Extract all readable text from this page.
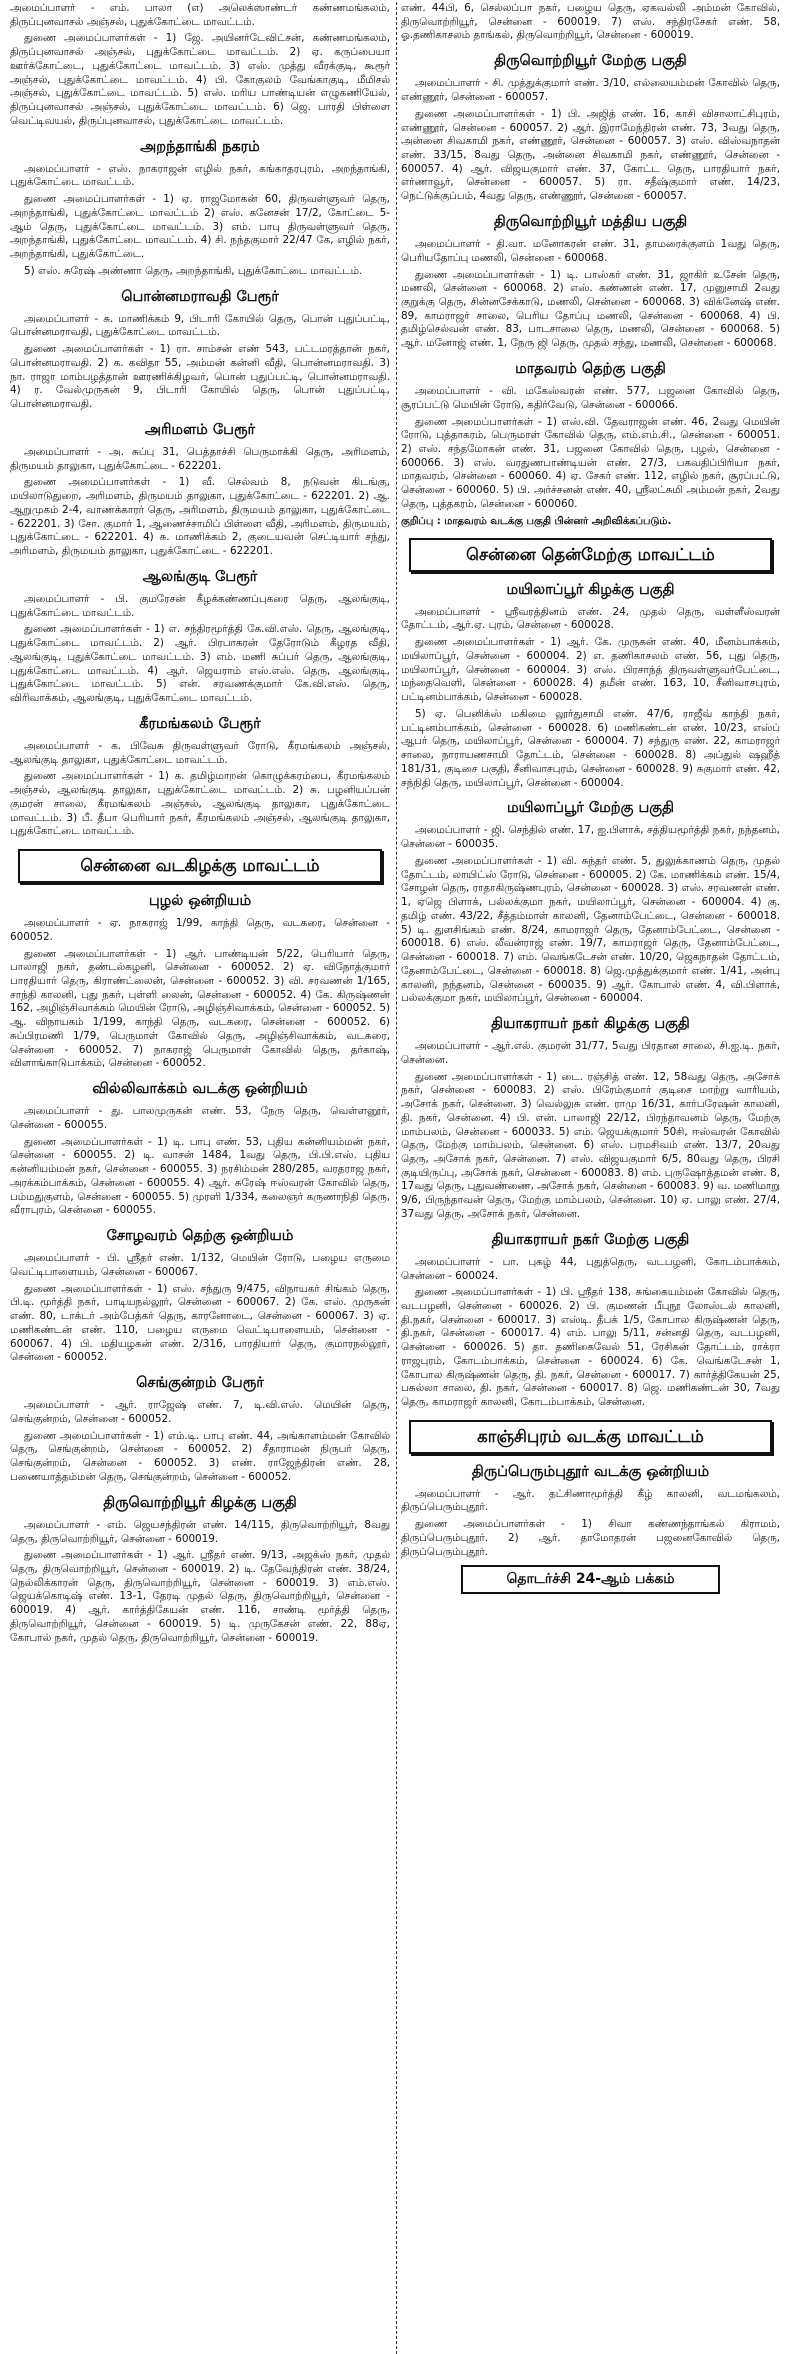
அமைப்பாளர் - எம். பாலா (எ) அலெக்ஸாண்டர் கண்ணமங்கலம், திருப்புனவாசல் அஞ்சல், புதுக்கோட்டை மாவட்டம்.

துணை அமைப்பாளர்கள் - 1) ஜே. அயினர்டேவிட்சன், கண்ணமங்கலம், திருப்புனவாசல் அஞ்சல், புதுக்கோட்டை மாவட்டம். 2) ஏ. கருப்பையா ஊர்க்கோட்டை, புதுக்கோட்டை மாவட்டம். 3) எஸ். முத்து வீரக்குடி, கூரூர் அஞ்சல், புதுக்கோட்டை மாவட்டம். 4) பி. கோகுலம் வேங்காகுடி, மீமிசல் அஞ்சல், புதுக்கோட்டை மாவட்டம். 5) எஸ். மரிய பாண்டியன் எழுகணியேல், திருப்புனவாசல் அஞ்சல், புதுக்கோட்டை மாவட்டம். 6) ஜெ. பாரதி பிள்ளை வெட்டிவயல், திருப்புனவாசல், புதுக்கோட்டை மாவட்டம்.

அறந்தாங்கி நகரம்

அமைப்பாளர் - எஸ். நாகராஜன் எழில் நகர், கங்காதரபுரம், அறந்தாங்கி, புதுக்கோட்டை மாவட்டம்.

துணை அமைப்பாளர்கள் - 1) ஏ. ராஜமோகன் 60, திருவள்ளுவர் தெரு, அறந்தாங்கி, புதுக்கோட்டை மாவட்டம் 2) எஸ். கனேசன் 17/2, கோட்டை 5-ஆம் தெரு, புதுக்கோட்டை மாவட்டம். 3) எம். பாபு திருவள்ளுவர் தெரு, அறந்தாங்கி, புதுக்கோட்டை மாவட்டம். 4) சி. நந்தகுமார் 22/47 கே, எழில் நகர், அறந்தாங்கி, புதுக்கோட்டை.

5) எஸ். சுரேஷ் அண்ணா தெரு, அறந்தாங்கி, புதுக்கோட்டை மாவட்டம்.

பொன்னமராவதி பேரூர்

அமைப்பாளர் - சு. மாணிக்கம் 9, பிடாரி கோயில் தெரு, பொன் புதுப்பட்டி, பொன்னமராவதி, புதுக்கோட்டை மாவட்டம்.

துணை அமைப்பாளர்கள் - 1) ரா. சாம்சன் எண் 543, பட்டமரத்தான் நகர், பொன்னமராவதி. 2) க. கவிதா 55, அம்மன் கன்னி வீதி, பொன்னமராவதி. 3) நா. ராஜா மாம்பழத்தான் ஊரணிக்கிழவர், பொன் புதுப்பட்டி, பொன்னமராவதி. 4) ர. வேல்முருகன் 9, பிடாரி கோயில் தெரு, பொன் புதுப்பட்டி, பொன்னமராவதி.

அரிமளம் பேரூர்

அமைப்பாளர் - அ. சுப்பு 31, பெத்தாச்சி பெருமாக்கி தெரு, அரிமளம், திருமயம் தாலுகா, புதுக்கோட்டை - 622201.

துணை அமைப்பாளர்கள் - 1) வீ. செல்வம் 8, நடுவன் கிடங்கு, மயிலாடுதுறை, அரிமளம், திருமயம் தாலுகா, புதுக்கோட்டை - 622201. 2) ஆ. ஆறுமுகம் 2-4, வாணக்காரர் தெரு, அரிமளம், திருமயம் தாலுகா, புதுக்கோட்டை - 622201. 3) சோ. குமார் 1, ஆணைச்சாமிப் பிள்ளை வீதி, அரிமளம், திருமயம், புதுக்கோட்டை - 622201. 4) சு. மாணிக்கம் 2, குடையவன் செட்டியார் சந்து, அரிமளம், திருமயம் தாலுகா, புதுக்கோட்டை - 622201.

ஆலங்குடி பேரூர்

அமைப்பாளர் - பி. குமரேசன் கீழக்கண்ணப்புகரை தெரு, ஆலங்குடி, புதுக்கோட்டை மாவட்டம்.

துணை அமைப்பாளர்கள் - 1) எ. சந்திரமூர்த்தி கே.வி.எஸ். தெரு, ஆலங்குடி, புதுக்கோட்டை மாவட்டம். 2) ஆர். பிரபாகரன் தேரோடும் கீழரத வீதி, ஆலங்குடி, புதுக்கோட்டை மாவட்டம். 3) எம். மணி சுப்பர் தெரு, ஆலங்குடி, புதுக்கோட்டை மாவட்டம். 4) ஆர். ஜெயராம் எஸ்.எஸ். தெரு, ஆலங்குடி, புதுக்கோட்டை மாவட்டம். 5) என். சரவணக்குமார் கே.வி.எஸ். தெரு, விரிவாக்கம், ஆலங்குடி, புதுக்கோட்டை மாவட்டம்.

கீரமங்கலம் பேரூர்

அமைப்பாளர் - க. பிவேசு திருவள்ளுவர் ரோடு, கீரமங்கலம் அஞ்சல், ஆலங்குடி தாலுகா, புதுக்கோட்டை மாவட்டம்.

துணை அமைப்பாளர்கள் - 1) க. தமிழ்மாறன் கொழுக்கரம்பை, கீரமங்கலம் அஞ்சல், ஆலங்குடி தாலுகா, புதுக்கோட்டை மாவட்டம். 2) சு. பழனியப்பன் குமரன் சாலை, கீரமங்கலம் அஞ்சல், ஆலங்குடி தாலுகா, புதுக்கோட்டை மாவட்டம். 3) பீ. தீபா பெரியார் நகர், கீரமங்கலம் அஞ்சல், ஆலங்குடி தாலுகா, புதுக்கோட்டை மாவட்டம்.

சென்னை வடகிழக்கு மாவட்டம்
புழல் ஒன்றியம்

அமைப்பாளர் - ஏ. நாகராஜ் 1/99, காந்தி தெரு, வடகரை, சென்னை - 600052.

துணை அமைப்பாளர்கள் - 1) ஆர். பாண்டியன் 5/22, பெரியார் தெரு, பாலாஜி நகர், தண்டல்கழனி, சென்னை - 600052. 2) ஏ. விநோத்குமார் பாரதியார் தெரு, கிராண்ட்லைன், சென்னை - 600052. 3) வி. சரவணன் 1/165, சாந்தி காலனி, புது நகர், புள்ளி லைன், சென்னை - 600052. 4) கே. கிருஷ்ணன் 162, அழிஞ்சிவாக்கம் மெயின் ரோடு, அழிஞ்சிவாக்கம், சென்னை - 600052. 5) ஆ. விநாயகம் 1/199, காந்தி தெரு, வடகரை, சென்னை - 600052. 6) சுப்பிரமணி 1/79, பெருமாள் கோவில் தெரு, அழிஞ்சிவாக்கம், வடகரை, சென்னை - 600052. 7) நாகராஜ் பெருமாள் கோவில் தெரு, தர்காஷ், விளாங்காடுபாக்கம், சென்னை - 600052.

வில்லிவாக்கம் வடக்கு ஒன்றியம்

அமைப்பாளர் - து. பாலமுருகன் எண். 53, நேரு தெரு, வெள்ளனூர், சென்னை - 600055.

துணை அமைப்பாளர்கள் - 1) டி. பாபு எண். 53, புதிய கன்னியம்மன் நகர், சென்னை - 600055. 2) டி. வாசன் 1484, 1வது தெரு, பி.பி.எஸ். புதிய கன்னியம்மன் நகர், சென்னை - 600055. 3) நரசிம்மன் 280/285, வரதராஜ நகர், அரக்கம்பாக்கம், சென்னை - 600055. 4) ஆர். சுரேஷ் ஈஸ்வரன் கோவில் தெரு, பம்மதுகுளம், சென்னை - 600055. 5) முரளி 1/334, கலைஞர் கருணாநிதி தெரு, வீராபுரம், சென்னை - 600055.

சோழவரம் தெற்கு ஒன்றியம்

அமைப்பாளர் - பி. ஸ்ரீதர் எண். 1/132, மெயின் ரோடு, பழைய எருமை வெட்டிபாளையம், சென்னை - 600067.

துணை அமைப்பாளர்கள் - 1) எஸ். சந்துரு 9/475, விநாயகர் சிங்கம் தெரு, பி.டி. மூர்த்தி நகர், பாடியநல்லூர், சென்னை - 600067. 2) கே. எஸ். முருகன் எண். 80, டாக்டர் அம்பேத்கர் தெரு, காரனோடை, சென்னை - 600067. 3) ஏ. மணிகண்டன் எண். 110, பழைய எருமை வெட்டிபாளையம், சென்னை - 600067. 4) பி. மதியழகன் எண். 2/316, பாரதியார் தெரு, குமாரநல்லூர், சென்னை - 600052.

செங்குன்றம் பேரூர்

அமைப்பாளர் - ஆர். ராஜேஷ் எண். 7, டி.வி.எஸ். மெயின் தெரு, செங்குன்றம், சென்னை - 600052.

துணை அமைப்பாளர்கள் - 1) எம்.டி. பாபு எண். 44, அங்காளம்மன் கோவில் தெரு, செங்குன்றம், சென்னை - 600052. 2) சீதாராமன் நிருபர் தெரு, செங்குன்றம், சென்னை - 600052. 3) எண். ராஜேந்திரன் எண். 28, பணையாத்தம்மன் தெரு, செங்குன்றம், சென்னை - 600052.

திருவொற்றியூர் கிழக்கு பகுதி

அமைப்பாளர் - எம். ஜெயசந்திரன் எண். 14/115, திருவொற்றியூர், 8வது தெரு, திருவொற்றியூர், சென்னை - 600019.

துணை அமைப்பாளர்கள் - 1) ஆர். ஸ்ரீதர் எண். 9/13, அஜக்ஸ் நகர், முதல் தெரு, திருவொற்றியூர், சென்னை - 600019. 2) டி. தேவேந்திரன் எண். 38/24, நெல்லிக்காரன் தெரு, திருவொற்றியூர், சென்னை - 600019. 3) எம்.எஸ். ஜெயக்கொடிஷ் எண். 13-1, தேரடி முதல் தெரு, திருவொற்றியூர், சென்னை - 600019. 4) ஆர். கார்த்திகேயன் எண். 116, சாண்டி மூர்த்தி தெரு, திருவொற்றியூர், சென்னை - 600019. 5) டி. முருகேசன் எண். 22, 88ஏ, கோபால் நகர், முதல் தெரு, திருவொற்றியூர், சென்னை - 600019.

எண். 44பி, 6, செல்லப்பா நகர், பழைய தெரு, ஏகவல்லி அம்மன் கோவில், திருவொற்றியூர், சென்னை - 600019. 7) எஸ். சந்திரசேகர் எண். 58, ஓ.தணிகாசலம் தாங்கல், திருவொற்றியூர், சென்னை - 600019.

திருவொற்றியூர் மேற்கு பகுதி

அமைப்பாளர் - சி. முத்துக்குமார் எண். 3/10, எல்லையம்மன் கோவில் தெரு, எண்ணூர், சென்னை - 600057.

துணை அமைப்பாளர்கள் - 1) பி. அஜித் எண். 16, காசி விசாலாட்சிபுரம், எண்ணூர், சென்னை - 600057. 2) ஆர். இராமேந்திரன் எண். 73, 3வது தெரு, அன்னை சிவகாமி நகர், எண்ணூர், சென்னை - 600057. 3) எஸ். விஸ்வநாதன் எண். 33/15, 8வது தெரு, அன்னை சிவகாமி நகர், எண்ணூர், சென்னை - 600057. 4) ஆர். விஜயகுமார் எண். 37, கோட்ட தெரு, பாரதியார் நகர், எர்ணாவூர், சென்னை - 600057. 5) ரா. சதீஷ்குமார் எண். 14/23, நெட்டுக்குப்பம், 4வது தெரு, எண்ணூர், சென்னை - 600057.

திருவொற்றியூர் மத்திய பகுதி

அமைப்பாளர் - தி.வா. மனோகரன் எண். 31, தாமரைக்குளம் 1வது தெரு, பெரியதோப்பு மணலி, சென்னை - 600068.

துணை அமைப்பாளர்கள் - 1) டி. பாஸ்கர் எண். 31, ஜாகிர் உசேன் தெரு, மணலி, சென்னை - 600068. 2) எஸ். கண்ணன் எண். 17, முனுசாமி 2வது குறுக்கு தெரு, சின்னசேக்காடு, மணலி, சென்னை - 600068. 3) விக்னேஷ் எண். 89, காமராஜர் சாலை, பெரிய தோப்பு மணலி, சென்னை - 600068. 4) பி. தமிழ்செல்வன் எண். 83, பாடசாலை தெரு, மணலி, சென்னை - 600068. 5) ஆர். மனோஜ் எண். 1, நேரு ஜி தெரு, முதல் சந்து, மணலி, சென்னை - 600068.

மாதவரம் தெற்கு பகுதி

அமைப்பாளர் - வி. மகேஸ்வரன் எண். 577, பஜனை கோவில் தெரு, சூரப்பட்டு மெயின் ரோடு, கதிர்வேடு, சென்னை - 600066.

துணை அமைப்பாளர்கள் - 1) எஸ்.வி. தேவராஜன் எண். 46, 2வது மெயின் ரோடு, புத்தாகரம், பெருமாள் கோவில் தெரு, எம்.எம்.சி., சென்னை - 600051. 2) எஸ். சந்தமோகன் எண். 31, பஜனை கோவில் தெரு, புழல், சென்னை - 600066. 3) எஸ். வரதுணபாண்டியன் எண். 27/3, பகவதிப்பிரியா நகர், மாதவரம், சென்னை - 600060. 4) ஏ. சேகர் எண். 112, எழில் நகர், சூரப்பட்டு, சென்னை - 600060. 5) பி. அர்ச்சனன் எண். 40, ஸ்ரீலட்சுமி அம்மன் நகர், 2வது தெரு, புத்தகரம், சென்னை - 600060.

குறிப்பு : மாதவரம் வடக்கு பகுதி பின்னர் அறிவிக்கப்படும்.

சென்னை தென்மேற்கு மாவட்டம்
மயிலாப்பூர் கிழக்கு பகுதி

அமைப்பாளர் - ஸ்ரீவரத்தினம் எண். 24, முதல் தெரு, வள்ளீஸ்வரன் தோட்டம், ஆர்.ஏ. புரம், சென்னை - 600028.

துணை அமைப்பாளர்கள் - 1) ஆர். கே. முருகன் எண். 40, மீனம்பாக்கம், மயிலாப்பூர், சென்னை - 600004. 2) எ. தணிகாசலம் எண். 56, புது தெரு, மயிலாப்பூர், சென்னை - 600004. 3) எஸ். பிரசாந்த் திருவள்ளுவர்பேட்டை, மந்தைவெளி, சென்னை - 600028. 4) தமீன் எண். 163, 10, சீனிவாசபுரம், பட்டினம்பாக்கம், சென்னை - 600028.

5) ஏ. பெனிக்ஸ் மகிமை லூர்துசாமி எண். 47/6, ராஜீவ் காந்தி நகர், பட்டினம்பாக்கம், சென்னை - 600028. 6) மணிகண்டன் எண். 10/23, எஸ்ப் ஆபர் தெரு, மயிலாப்பூர், சென்னை - 600004. 7) சந்துரு எண். 22, காமராஜர் சாலை, நாராயணசாமி தோட்டம், சென்னை - 600028. 8) அப்துல் ஷஹீத் 181/31, குடிசை பகுதி, சீனிவாசபுரம், சென்னை - 600028. 9) சுகுமார் எண். 42, சந்நிதி தெரு, மயிலாப்பூர், சென்னை - 600004.

மயிலாப்பூர் மேற்கு பகுதி

அமைப்பாளர் - ஜி. செந்தில் எண். 17, ஐ.பிளாக், சத்தியமூர்த்தி நகர், நந்தனம், சென்னை - 600035.

துணை அமைப்பாளர்கள் - 1) வி. சுந்தர் எண். 5, துலுக்காணம் தெரு, முதல் தோட்டம், லாயிட்ஸ் ரோடு, சென்னை - 600005. 2) கே. மாணிக்கம் எண். 15/4, சோழன் தெரு, ராதாகிருஷ்ணபுரம், சென்னை - 600028. 3) எஸ். சரவணன் எண். 1, ஏஜெ பிளாக், பல்லக்குமா நகர், மயிலாப்பூர், சென்னை - 600004. 4) கு. தமிழ் எண். 43/22, சீத்தம்மாள் காலனி, தேனாம்பேட்டை, சென்னை - 600018. 5) டி. துளசிங்கம் எண். 8/24, காமராஜர் தெரு, தேனாம்பேட்டை, சென்னை - 600018. 6) எஸ். லீவன்ராஜ் எண். 19/7, காமராஜர் தெரு, தேனாம்பேட்டை, சென்னை - 600018. 7) எம். வெங்கடேசன் எண். 10/20, ஜெகநாதன் தோட்டம், தேனாம்பேட்டை, சென்னை - 600018. 8) ஜெ.முத்துக்குமார் எண். 1/41, அன்பு காலனி, நந்தனம், சென்னை - 600035. 9) ஆர். கோபால் எண். 4, வி.பிளாக், பல்லக்குமா நகர், மயிலாப்பூர், சென்னை - 600004.

தியாகராயர் நகர் கிழக்கு பகுதி

அமைப்பாளர் - ஆர்.எல். குமரன் 31/77, 5வது பிரதான சாலை, சி.ஐ.டி. நகர், சென்னை.

துணை அமைப்பாளர்கள் - 1) டை. ரஞ்சித் எண். 12, 58வது தெரு, அசோக் நகர், சென்னை - 600083. 2) எஸ். பிரேம்குமார் குடிசை மாற்று வாரியம், அசோக் நகர், சென்னை. 3) வெல்லுசு எண். ராமு 16/31, கார்பரேஷன் காலனி, தி. நகர், சென்னை. 4) பி. என். பாலாஜி 22/12, பிரந்தாவனம் தெரு, மேற்கு மாம்பலம், சென்னை - 600033. 5) எம். ஜெயக்குமார் 50சி, ஈஸ்வரன் கோவில் தெரு, மேற்கு மாம்பலம், சென்னை. 6) எஸ். பரமசிவம் எண். 13/7, 20வது தெரு, அசோக் நகர், சென்னை. 7) எஸ். விஜயகுமார் 6/5, 80வது தெரு, பிரசி குடியிருப்பு, அசோக் நகர், சென்னை - 600083. 8) எம். புருஷோத்தமன் எண். 8, 17வது தெரு, புதுவண்ணை, அசோக் நகர், சென்னை - 600083. 9) வ. மணிமாறு 9/6, பிருந்தாவன் தெரு, மேற்கு மாம்பலம், சென்னை. 10) ஏ. பாலு எண். 27/4, 37வது தெரு, அசோக் நகர், சென்னை.

தியாகராயர் நகர் மேற்கு பகுதி

அமைப்பாளர் - பா. புகழ் 44, புதுத்தெரு, வடபழனி, கோடம்பாக்கம், சென்னை - 600024.

துணை அமைப்பாளர்கள் - 1) பி. ஸ்ரீதர் 138, சுங்கையம்மன் கோவில் தெரு, வடபழனி, சென்னை - 600026. 2) பி. குமணன் பீபுநூ லோஸ்டல் காலனி, தி.நகர், சென்னை - 600017. 3) எஸ்டி. தீபக் 1/5, கோபால கிருஷ்ணன் தெரு, தி.நகர், சென்னை - 600017. 4) எம். பாலு 5/11, சன்னதி தெரு, வடபழனி, சென்னை - 600026. 5) தா. தணிகைவேல் 51, ரேசிகன் தோட்டம், ராக்ரா ராஜபுரம், கோடம்பாக்கம், சென்னை - 600024. 6) கே. வெங்கடேசன் 1, கோபால கிருஷ்ணன் தெரு, தி. நகர், சென்னை - 600017. 7) கார்த்திகேயன் 25, பசுல்லா சாலை, தி. நகர், சென்னை - 600017. 8) ஜெ. மணிகண்டன் 30, 7வது தெரு, காமராஜர் காலனி, கோடம்பாக்கம், சென்னை.

காஞ்சிபுரம் வடக்கு மாவட்டம்
திருப்பெரும்புதூர் வடக்கு ஒன்றியம்

அமைப்பாளர் - ஆர். தட்சிணாமூர்த்தி கீழ் காலனி, வடமங்கலம், திருப்பெரும்புதூர்.

துணை அமைப்பாளர்கள் - 1) சிவா கண்ணந்தாங்கல் கிராமம், திருப்பெரும்புதூர். 2) ஆர். தாமோதரன் பஜனைகோவில் தெரு, திருப்பெரும்புதூர்.

தொடர்ச்சி 24-ஆம் பக்கம்
